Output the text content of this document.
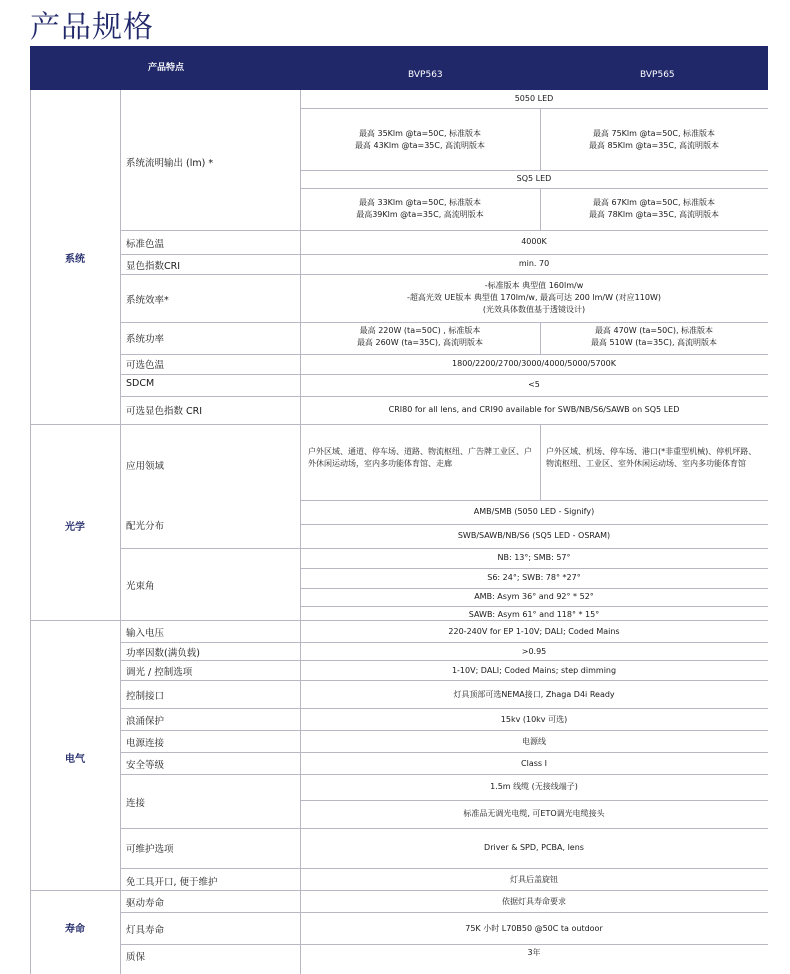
产品规格
产品特点
BVP563	BVP565
系统
光学
电气
寿命
系统流明输出 (lm) *
标准色温
显色指数CRI
系统效率*
系统功率
可选色温
SDCM
可选显色指数 CRI
应用领域
配光分布
光束角
输入电压
功率因数(满负载)
调光 / 控制选项
控制接口
浪涌保护
电源连接
安全等级
连接
可维护选项
免工具开口, 便于维护
驱动寿命
灯具寿命
质保
5050 LED
最高 35Klm @ta=50C, 标准版本
最高 43Klm @ta=35C, 高流明版本
最高 75Klm @ta=50C, 标准版本
最高 85Klm @ta=35C, 高流明版本
SQ5 LED
最高 33Klm @ta=50C, 标准版本
最高39Klm @ta=35C, 高流明版本
最高 67Klm @ta=50C, 标准版本
最高 78Klm @ta=35C, 高流明版本
4000K
min. 70
-标准版本 典型值 160lm/w
-超高光效 UE版本 典型值 170lm/w, 最高可达 200 lm/W (对应110W)
(光效具体数值基于透镜设计)
最高 220W (ta=50C) , 标准版本
最高 260W (ta=35C), 高流明版本
最高 470W (ta=50C), 标准版本
最高 510W (ta=35C), 高流明版本
1800/2200/2700/3000/4000/5000/5700K
<5
CRI80 for all lens, and CRI90 available for SWB/NB/S6/SAWB on SQ5 LED
户外区域、通道、停车场、道路、物流枢纽、广告牌工业区、户外休闲运动场，室内多功能体育馆、走廊
户外区域、机场、停车场、港口(*非重型机械)、停机坪路、物流枢纽、工业区、室外休闲运动场、室内多功能体育馆
AMB/SMB (5050 LED - Signify)
SWB/SAWB/NB/S6 (SQ5 LED - OSRAM)
NB: 13°; SMB: 57°
S6: 24°; SWB: 78° *27°
AMB: Asym 36° and 92° * 52°
SAWB: Asym 61° and 118° * 15°
220-240V for EP 1-10V; DALI; Coded Mains
>0.95
1-10V; DALI; Coded Mains; step dimming
灯具顶部可选NEMA接口, Zhaga D4i Ready
15kv (10kv 可选)
电源线
Class I
1.5m 线缆 (无接线端子)
标准品无调光电缆, 可ETO调光电缆接头
Driver & SPD, PCBA, lens
灯具后盖旋钮
依据灯具寿命要求
75K 小时 L70B50 @50C ta outdoor
3年
